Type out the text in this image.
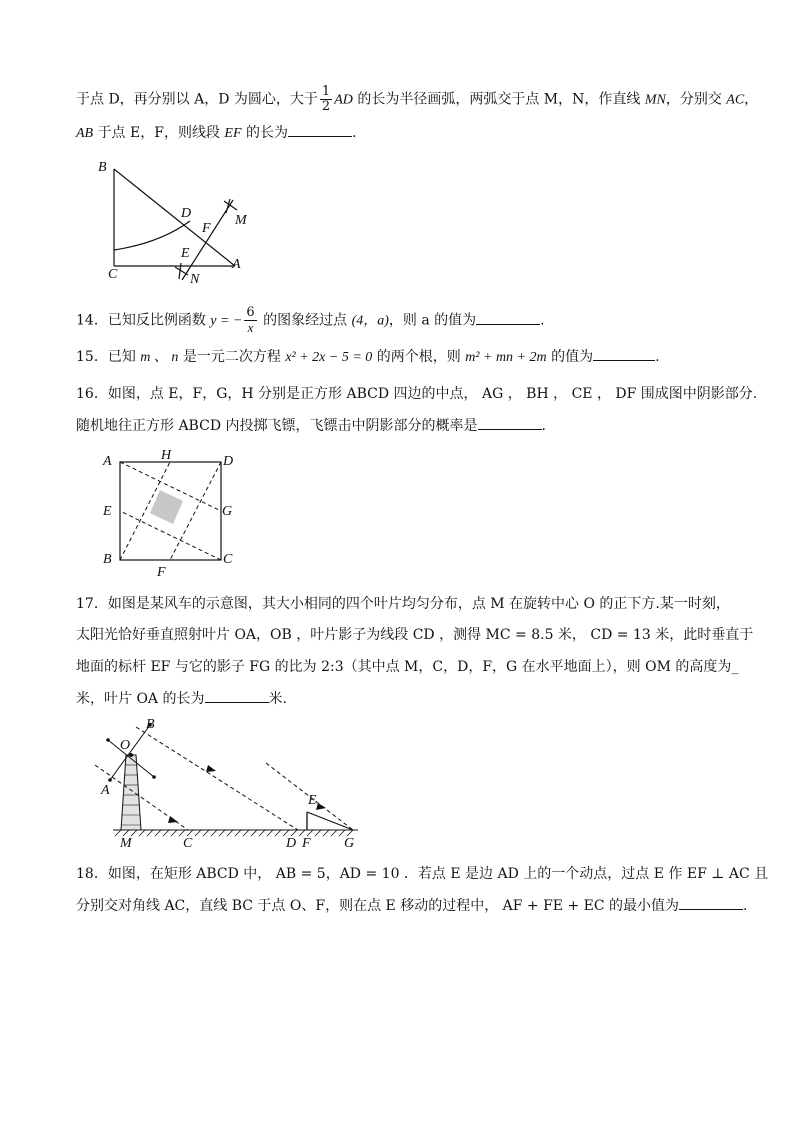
于点 D，再分别以 A，D 为圆心，大于 $\frac{1}{2}$ AD 的长为半径画弧，两弧交于点 M，N，作直线 MN，分别交 AC，
AB 于点 E，F，则线段 EF 的长为	.
B
C
A
D
E
F
M
N
14．已知反比例函数 y = − $\frac{6}{x}$ 的图象经过点 (4，a)，则 a 的值为	.
15．已知 m 、 n 是一元二次方程 x² + 2x − 5 = 0 的两个根，则 m² + mn + 2m 的值为	.
16．如图，点 E，F，G，H 分别是正方形 ABCD 四边的中点， AG ， BH ， CE ， DF 围成图中阴影部分.
随机地往正方形 ABCD 内投掷飞镖，飞镖击中阴影部分的概率是	.
A	H	D
E	G
B
F
C
17．如图是某风车的示意图，其大小相同的四个叶片均匀分布，点 M 在旋转中心 O 的正下方.某一时刻，
太阳光恰好垂直照射叶片 OA，OB ，叶片影子为线段 CD ，测得 MC = 8.5 米， CD = 13 米，此时垂直于
地面的标杆 EF 与它的影子 FG 的比为 2:3（其中点 M，C，D，F，G 在水平地面上），则 OM 的高度为_
米，叶片 OA 的长为	米.
B
O
A
M	C	D F G
E
18．如图，在矩形 ABCD 中， AB = 5，AD = 10 ．若点 E 是边 AD 上的一个动点，过点 E 作 EF ⊥ AC 且
分别交对角线 AC，直线 BC 于点 O、F，则在点 E 移动的过程中， AF + FE + EC 的最小值为	.
